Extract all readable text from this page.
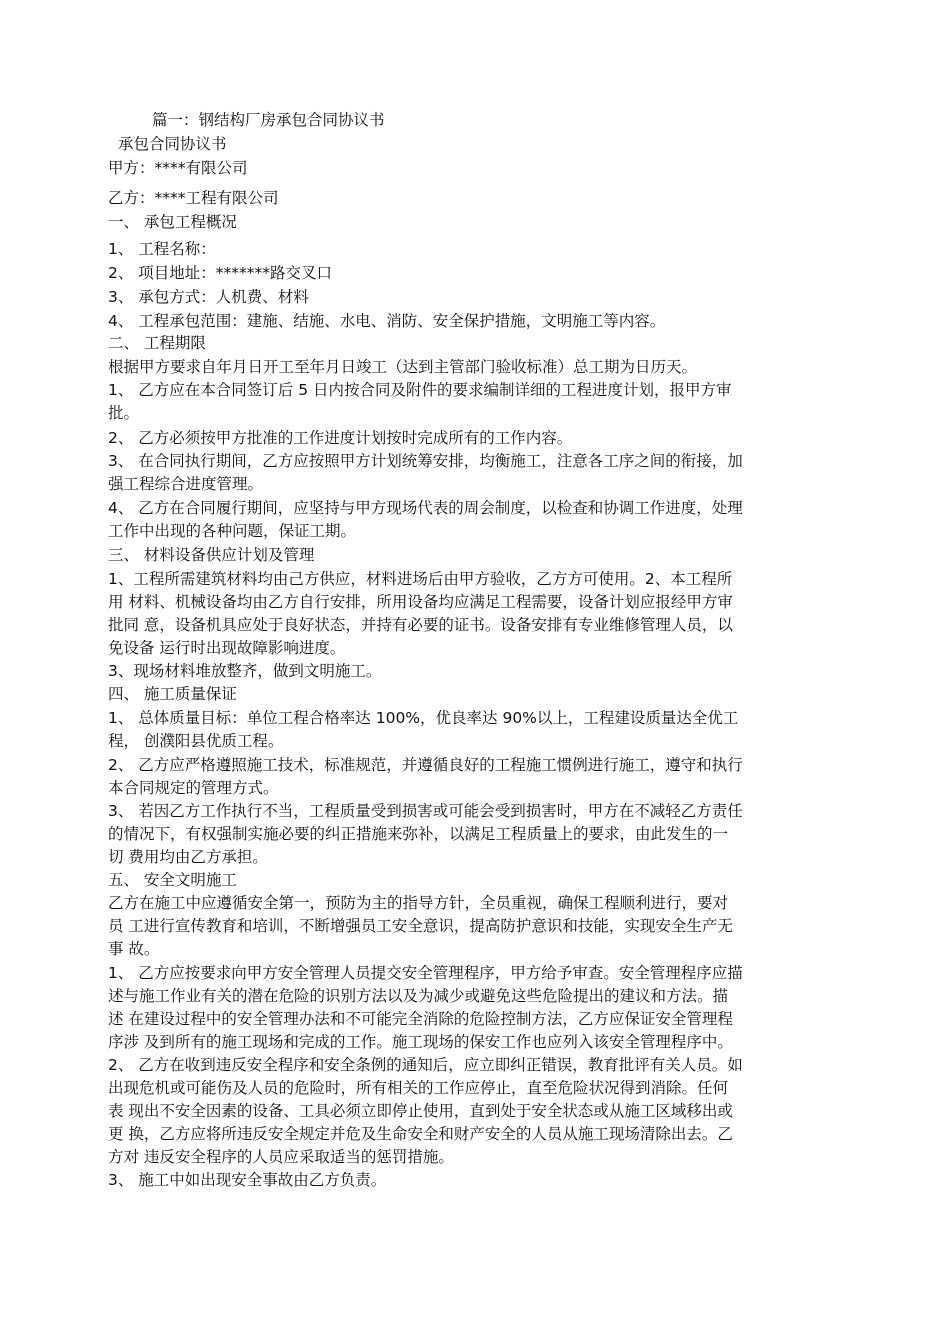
篇一：钢结构厂房承包合同协议书
承包合同协议书
甲方：****有限公司
乙方：****工程有限公司
一、 承包工程概况
1、 工程名称：
2、 项目地址：*******路交叉口
3、 承包方式：人机费、材料
4、 工程承包范围：建施、结施、水电、消防、安全保护措施，文明施工等内容。
二、 工程期限
根据甲方要求自年月日开工至年月日竣工（达到主管部门验收标准）总工期为日历天。
1、 乙方应在本合同签订后 5 日内按合同及附件的要求编制详细的工程进度计划，报甲方审
批。
2、 乙方必须按甲方批准的工作进度计划按时完成所有的工作内容。
3、 在合同执行期间，乙方应按照甲方计划统筹安排，均衡施工，注意各工序之间的衔接，加
强工程综合进度管理。
4、 乙方在合同履行期间，应坚持与甲方现场代表的周会制度，以检查和协调工作进度，处理
工作中出现的各种问题，保证工期。
三、 材料设备供应计划及管理
1、工程所需建筑材料均由己方供应，材料进场后由甲方验收，乙方方可使用。2、本工程所
用 材料、机械设备均由乙方自行安排，所用设备均应满足工程需要，设备计划应报经甲方审
批同 意，设备机具应处于良好状态，并持有必要的证书。设备安排有专业维修管理人员，以
免设备 运行时出现故障影响进度。
3、现场材料堆放整齐，做到文明施工。
四、 施工质量保证
1、 总体质量目标：单位工程合格率达 100%，优良率达 90%以上，工程建设质量达全优工
程， 创濮阳县优质工程。
2、 乙方应严格遵照施工技术，标准规范，并遵循良好的工程施工惯例进行施工，遵守和执行
本合同规定的管理方式。
3、 若因乙方工作执行不当，工程质量受到损害或可能会受到损害时，甲方在不减轻乙方责任
的情况下，有权强制实施必要的纠正措施来弥补，以满足工程质量上的要求，由此发生的一
切 费用均由乙方承担。
五、 安全文明施工
乙方在施工中应遵循安全第一，预防为主的指导方针，全员重视，确保工程顺利进行，要对
员 工进行宣传教育和培训，不断增强员工安全意识，提高防护意识和技能，实现安全生产无
事 故。
1、 乙方应按要求向甲方安全管理人员提交安全管理程序，甲方给予审查。安全管理程序应描
述与施工作业有关的潜在危险的识别方法以及为减少或避免这些危险提出的建议和方法。描
述 在建设过程中的安全管理办法和不可能完全消除的危险控制方法，乙方应保证安全管理程
序涉 及到所有的施工现场和完成的工作。施工现场的保安工作也应列入该安全管理程序中。
2、 乙方在收到违反安全程序和安全条例的通知后，应立即纠正错误，教育批评有关人员。如
出现危机或可能伤及人员的危险时，所有相关的工作应停止，直至危险状况得到消除。任何
表 现出不安全因素的设备、工具必须立即停止使用，直到处于安全状态或从施工区域移出或
更 换，乙方应将所违反安全规定并危及生命安全和财产安全的人员从施工现场清除出去。乙
方对 违反安全程序的人员应采取适当的惩罚措施。
3、 施工中如出现安全事故由乙方负责。
